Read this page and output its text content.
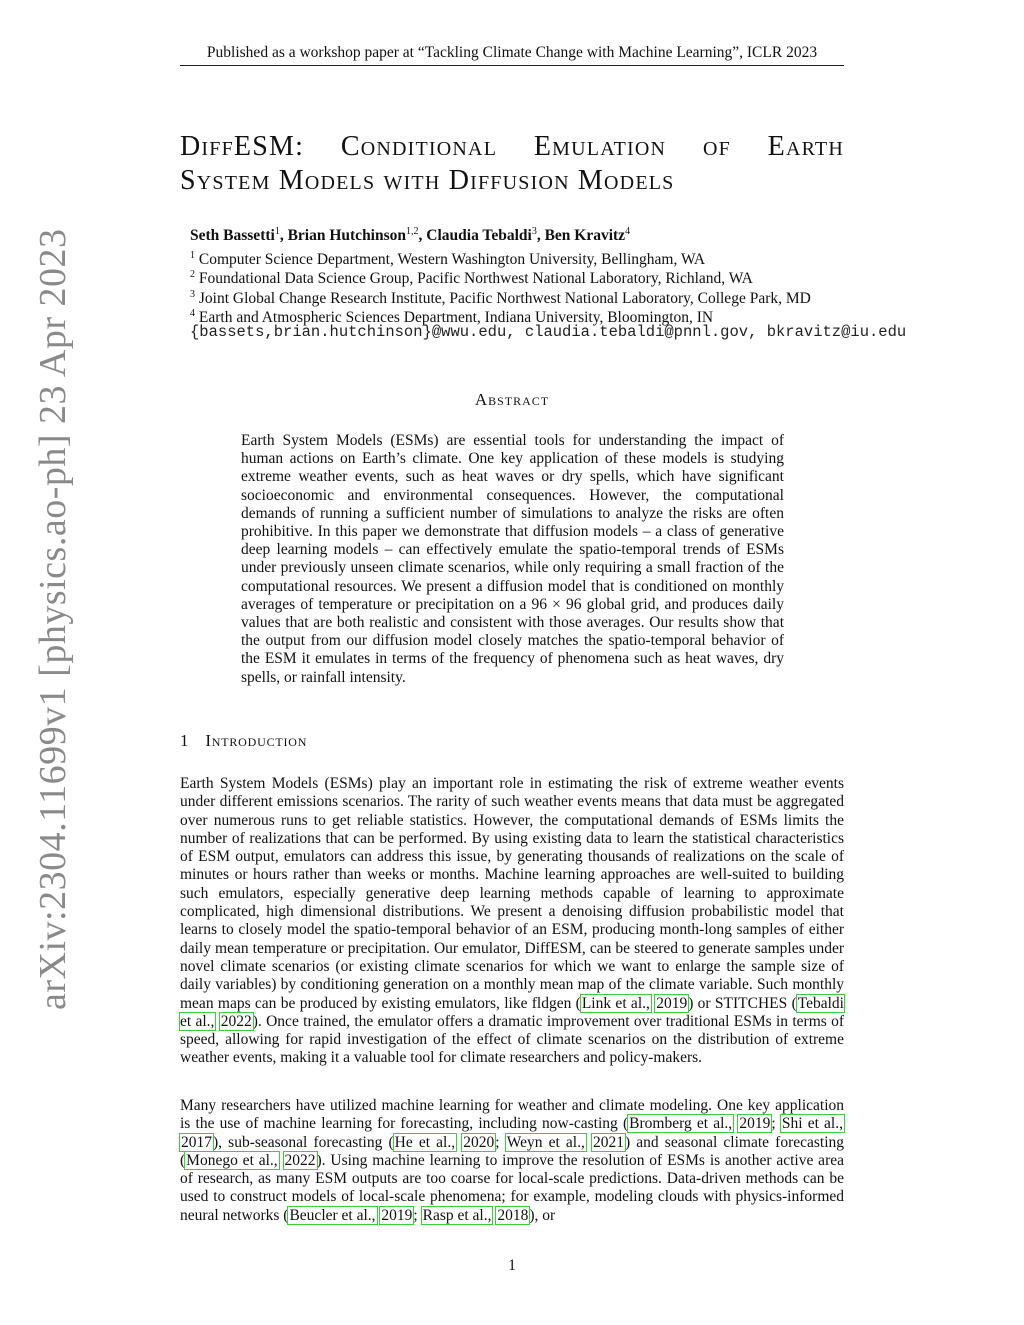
Published as a workshop paper at “Tackling Climate Change with Machine Learning”, ICLR 2023
arXiv:2304.11699v1 [physics.ao-ph] 23 Apr 2023
DiffESM: Conditional Emulation of Earth
System Models with Diffusion Models
Seth Bassetti$^1$, Brian Hutchinson$^{1,2}$, Claudia Tebaldi$^3$, Ben Kravitz$^4$
$^1$ Computer Science Department, Western Washington University, Bellingham, WA
$^2$ Foundational Data Science Group, Pacific Northwest National Laboratory, Richland, WA
$^3$ Joint Global Change Research Institute, Pacific Northwest National Laboratory, College Park, MD
$^4$ Earth and Atmospheric Sciences Department, Indiana University, Bloomington, IN
{bassets,brian.hutchinson}@wwu.edu, claudia.tebaldi@pnnl.gov, bkravitz@iu.edu
Abstract
Earth System Models (ESMs) are essential tools for understanding the impact of human actions on Earth’s climate. One key application of these models is studying extreme weather events, such as heat waves or dry spells, which have significant socioeconomic and environmental consequences. However, the computational demands of running a sufficient number of simulations to analyze the risks are often prohibitive. In this paper we demonstrate that diffusion models – a class of generative deep learning models – can effectively emulate the spatio-temporal trends of ESMs under previously unseen climate scenarios, while only requiring a small fraction of the computational resources. We present a diffusion model that is conditioned on monthly averages of temperature or precipitation on a 96 × 96 global grid, and produces daily values that are both realistic and consistent with those averages. Our results show that the output from our diffusion model closely matches the spatio-temporal behavior of the ESM it emulates in terms of the frequency of phenomena such as heat waves, dry spells, or rainfall intensity.
1 Introduction
Earth System Models (ESMs) play an important role in estimating the risk of extreme weather events under different emissions scenarios. The rarity of such weather events means that data must be aggregated over numerous runs to get reliable statistics. However, the computational demands of ESMs limits the number of realizations that can be performed. By using existing data to learn the statistical characteristics of ESM output, emulators can address this issue, by generating thousands of realizations on the scale of minutes or hours rather than weeks or months. Machine learning approaches are well-suited to building such emulators, especially generative deep learning methods capable of learning to approximate complicated, high dimensional distributions. We present a denoising diffusion probabilistic model that learns to closely model the spatio-temporal behavior of an ESM, producing month-long samples of either daily mean temperature or precipitation. Our emulator, DiffESM, can be steered to generate samples under novel climate scenarios (or existing climate scenarios for which we want to enlarge the sample size of daily variables) by conditioning generation on a monthly mean map of the climate variable. Such monthly mean maps can be produced by existing emulators, like fldgen (Link et al., 2019) or STITCHES (Tebaldi et al., 2022). Once trained, the emulator offers a dramatic improvement over traditional ESMs in terms of speed, allowing for rapid investigation of the effect of climate scenarios on the distribution of extreme weather events, making it a valuable tool for climate researchers and policy-makers.
Many researchers have utilized machine learning for weather and climate modeling. One key application is the use of machine learning for forecasting, including now-casting (Bromberg et al., 2019; Shi et al., 2017), sub-seasonal forecasting (He et al., 2020; Weyn et al., 2021) and seasonal climate forecasting (Monego et al., 2022). Using machine learning to improve the resolution of ESMs is another active area of research, as many ESM outputs are too coarse for local-scale predictions. Data-driven methods can be used to construct models of local-scale phenomena; for example, modeling clouds with physics-informed neural networks (Beucler et al., 2019; Rasp et al., 2018), or
1
